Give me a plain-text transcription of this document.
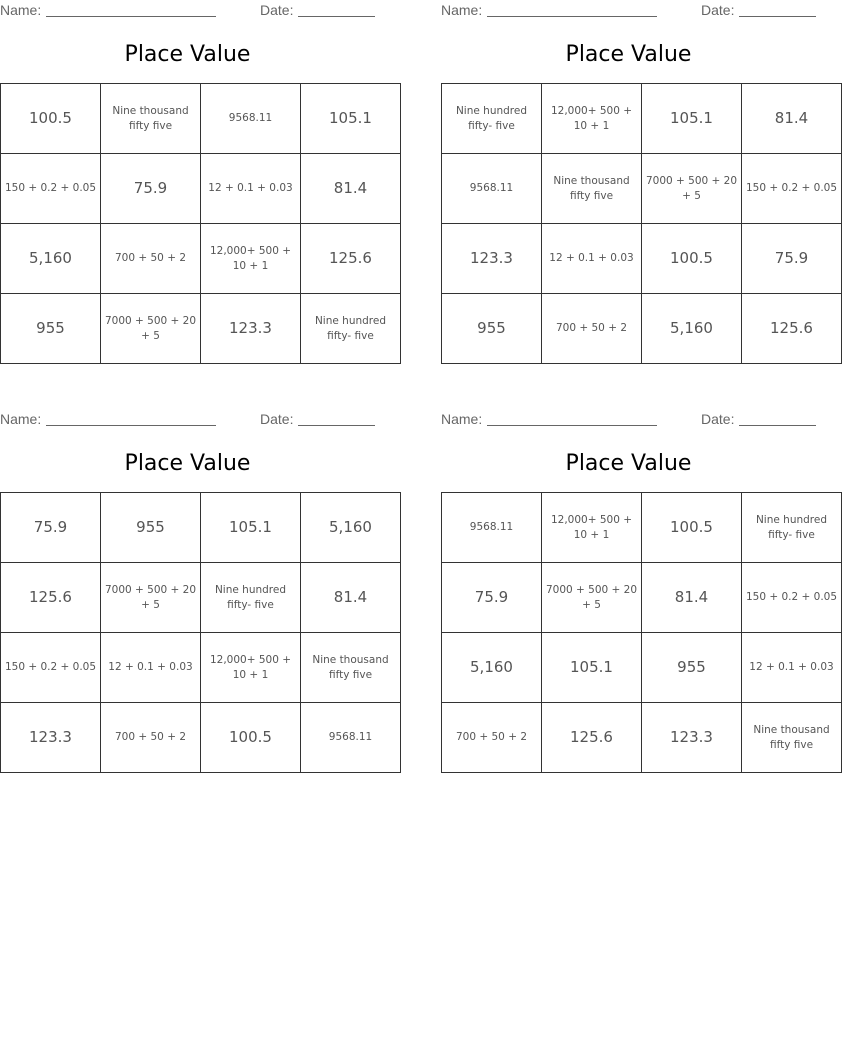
Name:	Date:
Place Value
100.5	Nine thousand fifty five	9568.11	105.1
150 + 0.2 + 0.05	75.9	12 + 0.1 + 0.03	81.4
5,160	700 + 50 + 2	12,000+ 500 + 10 + 1	125.6
955	7000 + 500 + 20 + 5	123.3	Nine hundred fifty- five
Name:	Date:
Place Value
Nine hundred fifty- five	12,000+ 500 + 10 + 1	105.1	81.4
9568.11	Nine thousand fifty five	7000 + 500 + 20 + 5	150 + 0.2 + 0.05
123.3	12 + 0.1 + 0.03	100.5	75.9
955	700 + 50 + 2	5,160	125.6
Name:	Date:
Place Value
75.9	955	105.1	5,160
125.6	7000 + 500 + 20 + 5	Nine hundred fifty- five	81.4
150 + 0.2 + 0.05	12 + 0.1 + 0.03	12,000+ 500 + 10 + 1	Nine thousand fifty five
123.3	700 + 50 + 2	100.5	9568.11
Name:	Date:
Place Value
9568.11	12,000+ 500 + 10 + 1	100.5	Nine hundred fifty- five
75.9	7000 + 500 + 20 + 5	81.4	150 + 0.2 + 0.05
5,160	105.1	955	12 + 0.1 + 0.03
700 + 50 + 2	125.6	123.3	Nine thousand fifty five
